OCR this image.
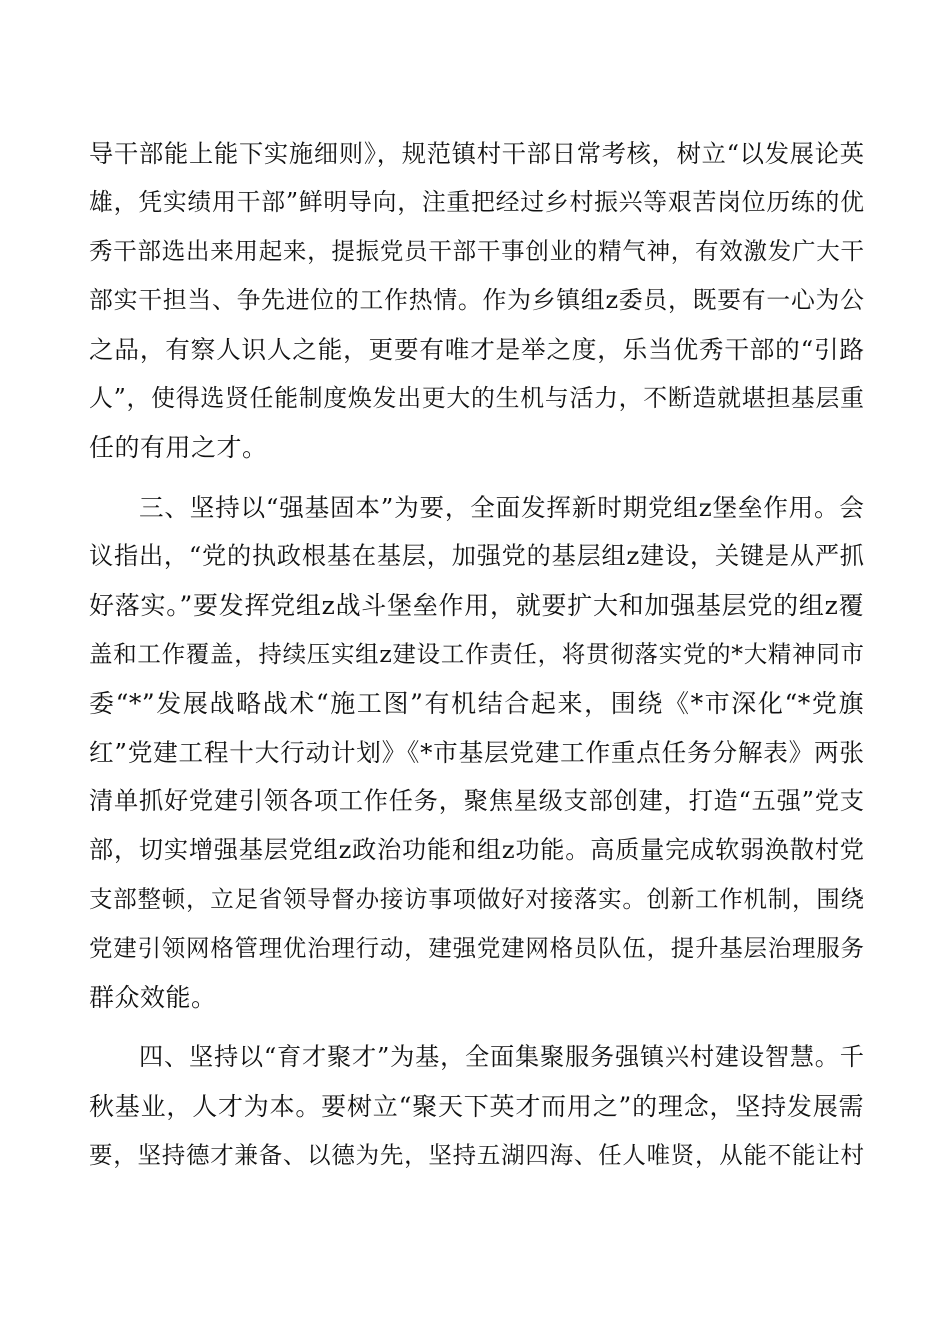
导干部能上能下实施细则》，规范镇村干部日常考核，树立“以发展论英
雄，凭实绩用干部”鲜明导向，注重把经过乡村振兴等艰苦岗位历练的优
秀干部选出来用起来，提振党员干部干事创业的精气神，有效激发广大干
部实干担当、争先进位的工作热情。作为乡镇组z委员，既要有一心为公
之品，有察人识人之能，更要有唯才是举之度，乐当优秀干部的“引路
人”，使得选贤任能制度焕发出更大的生机与活力，不断造就堪担基层重
任的有用之才。
三、坚持以“强基固本”为要，全面发挥新时期党组z堡垒作用。会
议指出，“党的执政根基在基层，加强党的基层组z建设，关键是从严抓
好落实。”要发挥党组z战斗堡垒作用，就要扩大和加强基层党的组z覆
盖和工作覆盖，持续压实组z建设工作责任，将贯彻落实党的*大精神同市
委“*”发展战略战术“施工图”有机结合起来，围绕《*市深化“*党旗
红”党建工程十大行动计划》《*市基层党建工作重点任务分解表》两张
清单抓好党建引领各项工作任务，聚焦星级支部创建，打造“五强”党支
部，切实增强基层党组z政治功能和组z功能。高质量完成软弱涣散村党
支部整顿，立足省领导督办接访事项做好对接落实。创新工作机制，围绕
党建引领网格管理优治理行动，建强党建网格员队伍，提升基层治理服务
群众效能。
四、坚持以“育才聚才”为基，全面集聚服务强镇兴村建设智慧。千
秋基业，人才为本。要树立“聚天下英才而用之”的理念，坚持发展需
要，坚持德才兼备、以德为先，坚持五湖四海、任人唯贤，从能不能让村
